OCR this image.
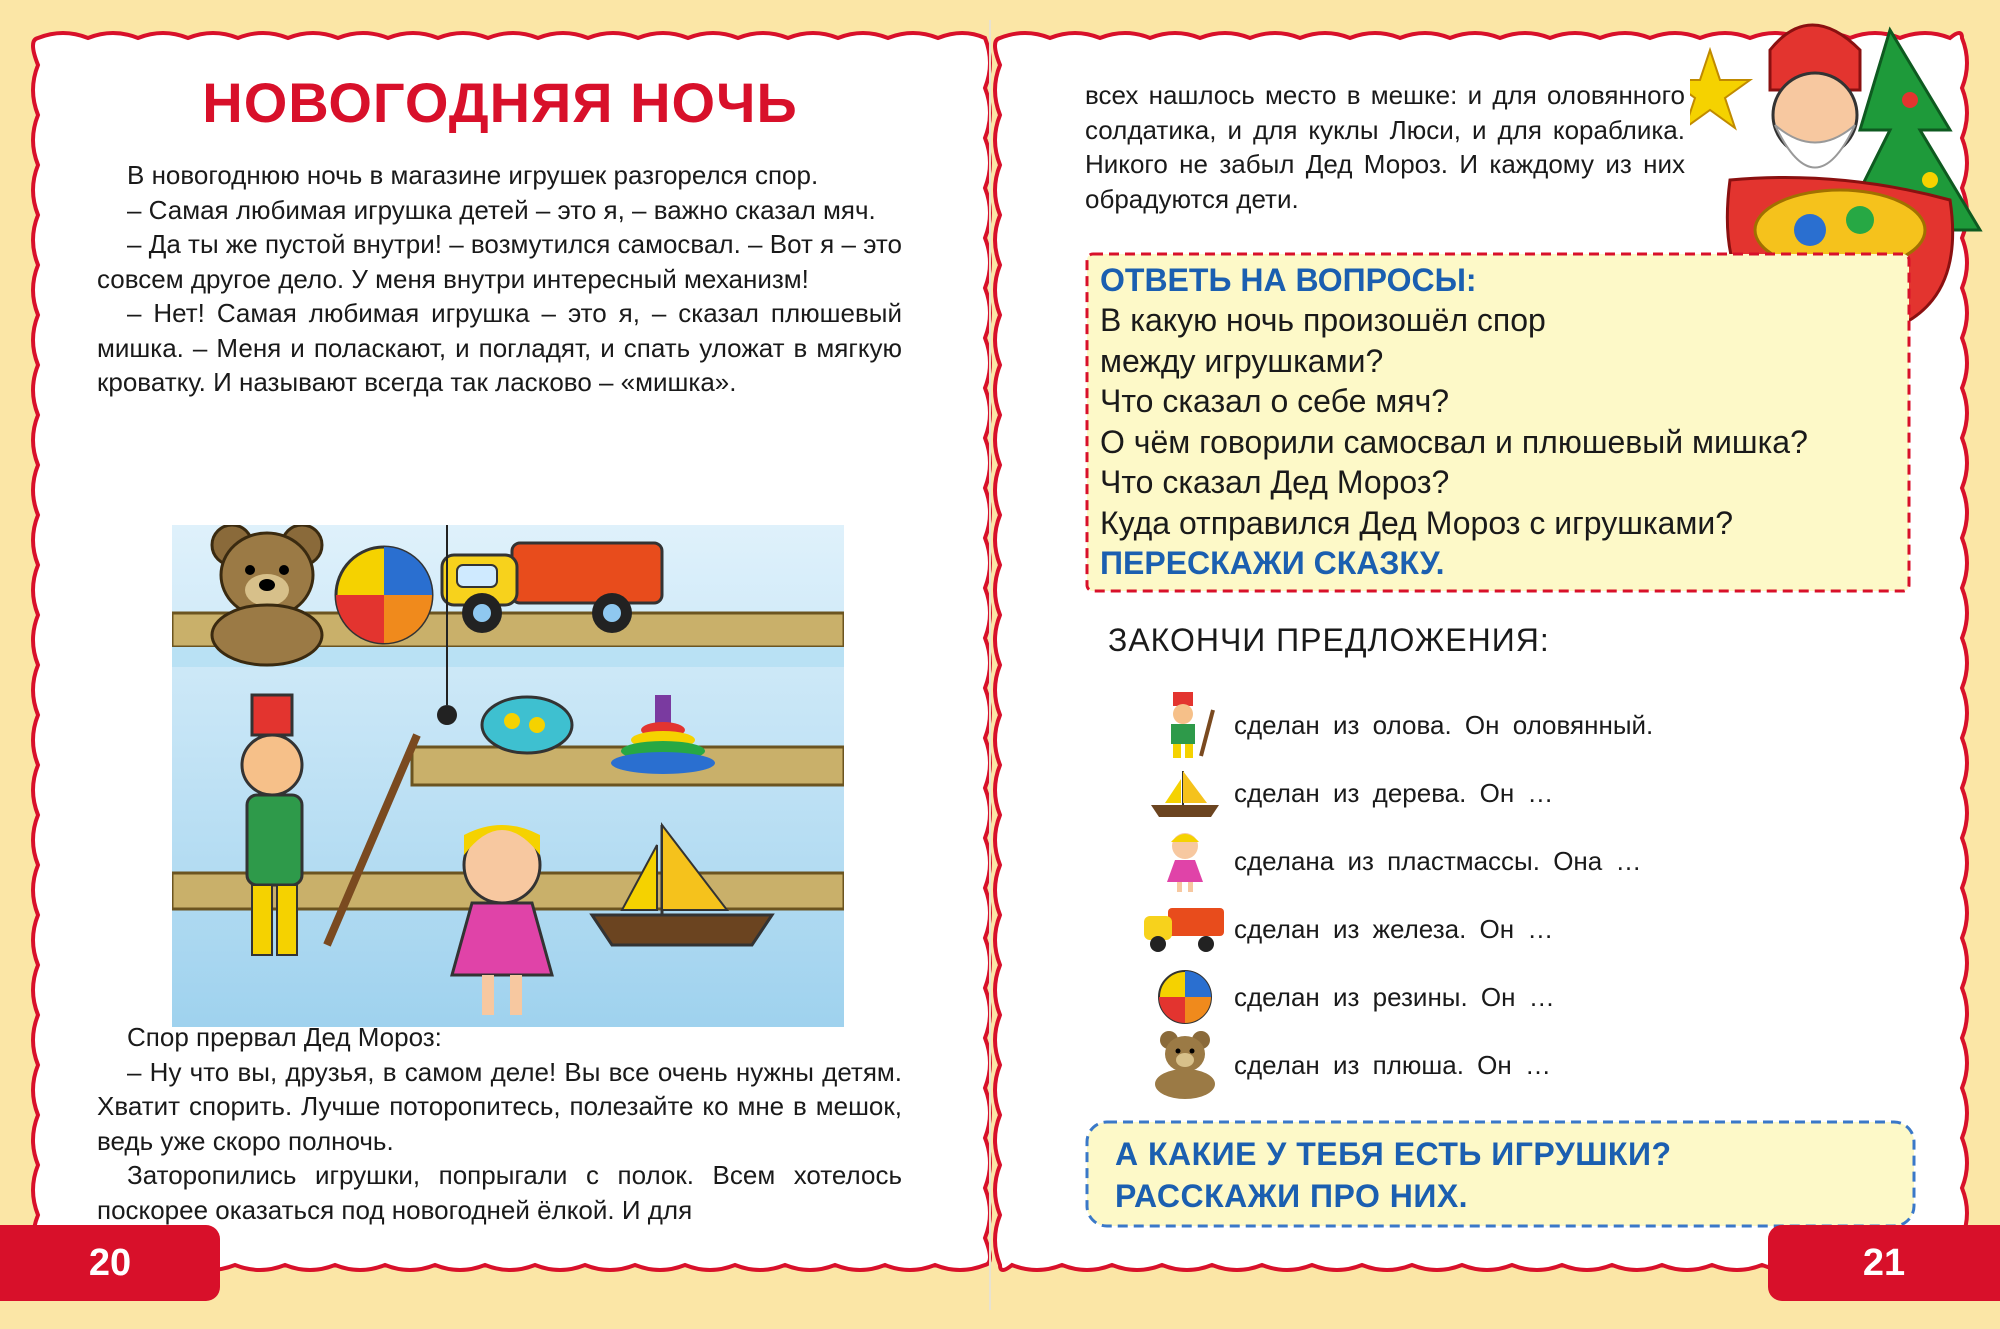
НОВОГОДНЯЯ НОЧЬ

В новогоднюю ночь в магазине игрушек разгорелся спор.

– Самая любимая игрушка детей – это я, – важно сказал мяч.

– Да ты же пустой внутри! – возмутился самосвал. – Вот я – это совсем другое дело. У меня внутри интересный механизм!

– Нет! Самая любимая игрушка – это я, – сказал плюшевый мишка. – Меня и поласкают, и погладят, и спать уложат в мягкую кроватку. И называют всегда так ласково – «мишка».

Спор прервал Дед Мороз:

– Ну что вы, друзья, в самом деле! Вы все очень нужны детям. Хватит спорить. Лучше поторопитесь, полезайте ко мне в мешок, ведь уже скоро полночь.

Заторопились игрушки, попрыгали с полок. Всем хотелось поскорее оказаться под новогодней ёлкой. И для

20

всех нашлось место в мешке: и для оловянного солдатика, и для куклы Люси, и для кораблика. Никого не забыл Дед Мороз. И каждому из них обрадуются дети.

ОТВЕТЬ НА ВОПРОСЫ:
В какую ночь произошёл спор
между игрушками?
Что сказал о себе мяч?
О чём говорили самосвал и плюшевый мишка?
Что сказал Дед Мороз?
Куда отправился Дед Мороз с игрушками?
ПЕРЕСКАЖИ СКАЗКУ.
ЗАКОНЧИ ПРЕДЛОЖЕНИЯ:
сделан из олова. Он оловянный.
сделан из дерева. Он …
сделана из пластмассы. Она …
сделан из железа. Он …
сделан из резины. Он …
сделан из плюша. Он …
А КАКИЕ У ТЕБЯ ЕСТЬ ИГРУШКИ?
РАССКАЖИ ПРО НИХ.
21
